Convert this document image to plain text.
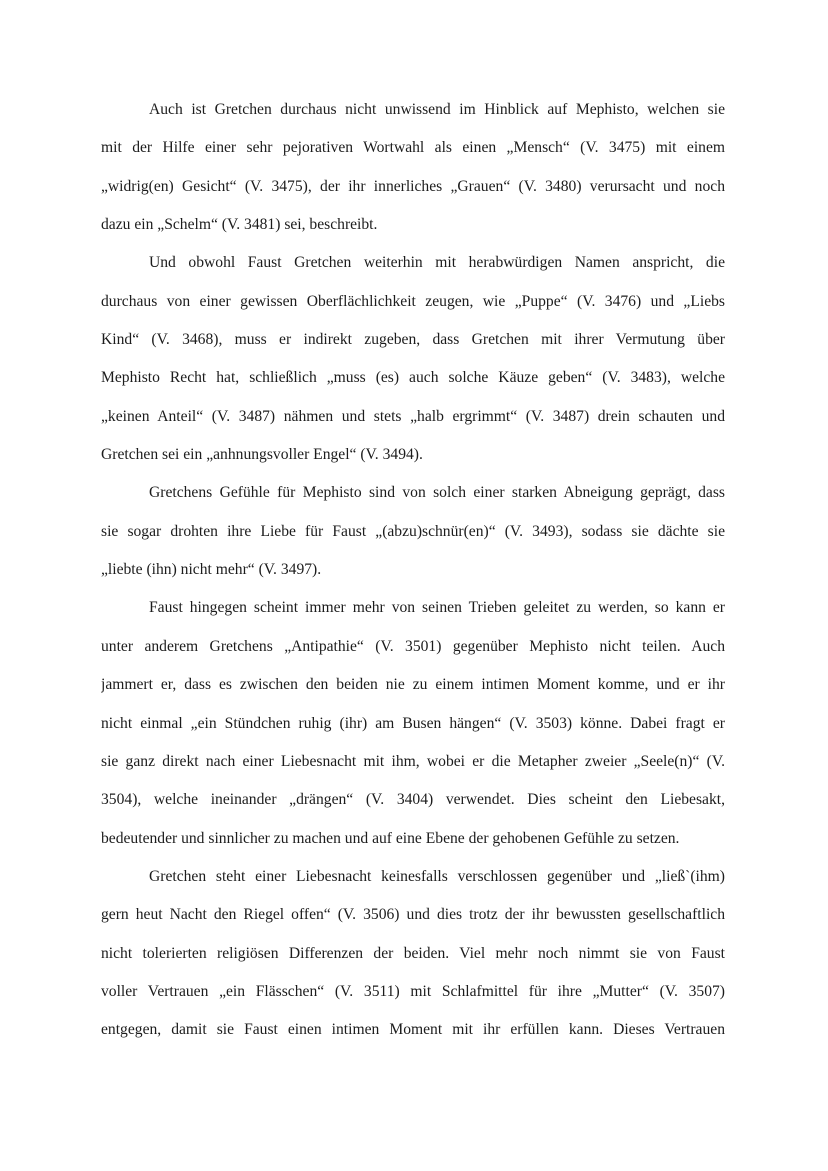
Auch ist Gretchen durchaus nicht unwissend im Hinblick auf Mephisto, welchen sie
mit der Hilfe einer sehr pejorativen Wortwahl als einen „Mensch“ (V. 3475) mit einem
„widrig(en) Gesicht“ (V. 3475), der ihr innerliches „Grauen“ (V. 3480) verursacht und noch
dazu ein „Schelm“ (V. 3481) sei, beschreibt.
Und obwohl Faust Gretchen weiterhin mit herabwürdigen Namen anspricht, die
durchaus von einer gewissen Oberflächlichkeit zeugen, wie „Puppe“ (V. 3476) und „Liebs
Kind“ (V. 3468), muss er indirekt zugeben, dass Gretchen mit ihrer Vermutung über
Mephisto Recht hat, schließlich „muss (es) auch solche Käuze geben“ (V. 3483), welche
„keinen Anteil“ (V. 3487) nähmen und stets „halb ergrimmt“ (V. 3487) drein schauten und
Gretchen sei ein „anhnungsvoller Engel“ (V. 3494).
Gretchens Gefühle für Mephisto sind von solch einer starken Abneigung geprägt, dass
sie sogar drohten ihre Liebe für Faust „(abzu)schnür(en)“ (V. 3493), sodass sie dächte sie
„liebte (ihn) nicht mehr“ (V. 3497).
Faust hingegen scheint immer mehr von seinen Trieben geleitet zu werden, so kann er
unter anderem Gretchens „Antipathie“ (V. 3501) gegenüber Mephisto nicht teilen. Auch
jammert er, dass es zwischen den beiden nie zu einem intimen Moment komme, und er ihr
nicht einmal „ein Stündchen ruhig (ihr) am Busen hängen“ (V. 3503) könne. Dabei fragt er
sie ganz direkt nach einer Liebesnacht mit ihm, wobei er die Metapher zweier „Seele(n)“ (V.
3504), welche ineinander „drängen“ (V. 3404) verwendet. Dies scheint den Liebesakt,
bedeutender und sinnlicher zu machen und auf eine Ebene der gehobenen Gefühle zu setzen.
Gretchen steht einer Liebesnacht keinesfalls verschlossen gegenüber und „ließ`(ihm)
gern heut Nacht den Riegel offen“ (V. 3506) und dies trotz der ihr bewussten gesellschaftlich
nicht tolerierten religiösen Differenzen der beiden. Viel mehr noch nimmt sie von Faust
voller Vertrauen „ein Flässchen“ (V. 3511) mit Schlafmittel für ihre „Mutter“ (V. 3507)
entgegen, damit sie Faust einen intimen Moment mit ihr erfüllen kann. Dieses Vertrauen
